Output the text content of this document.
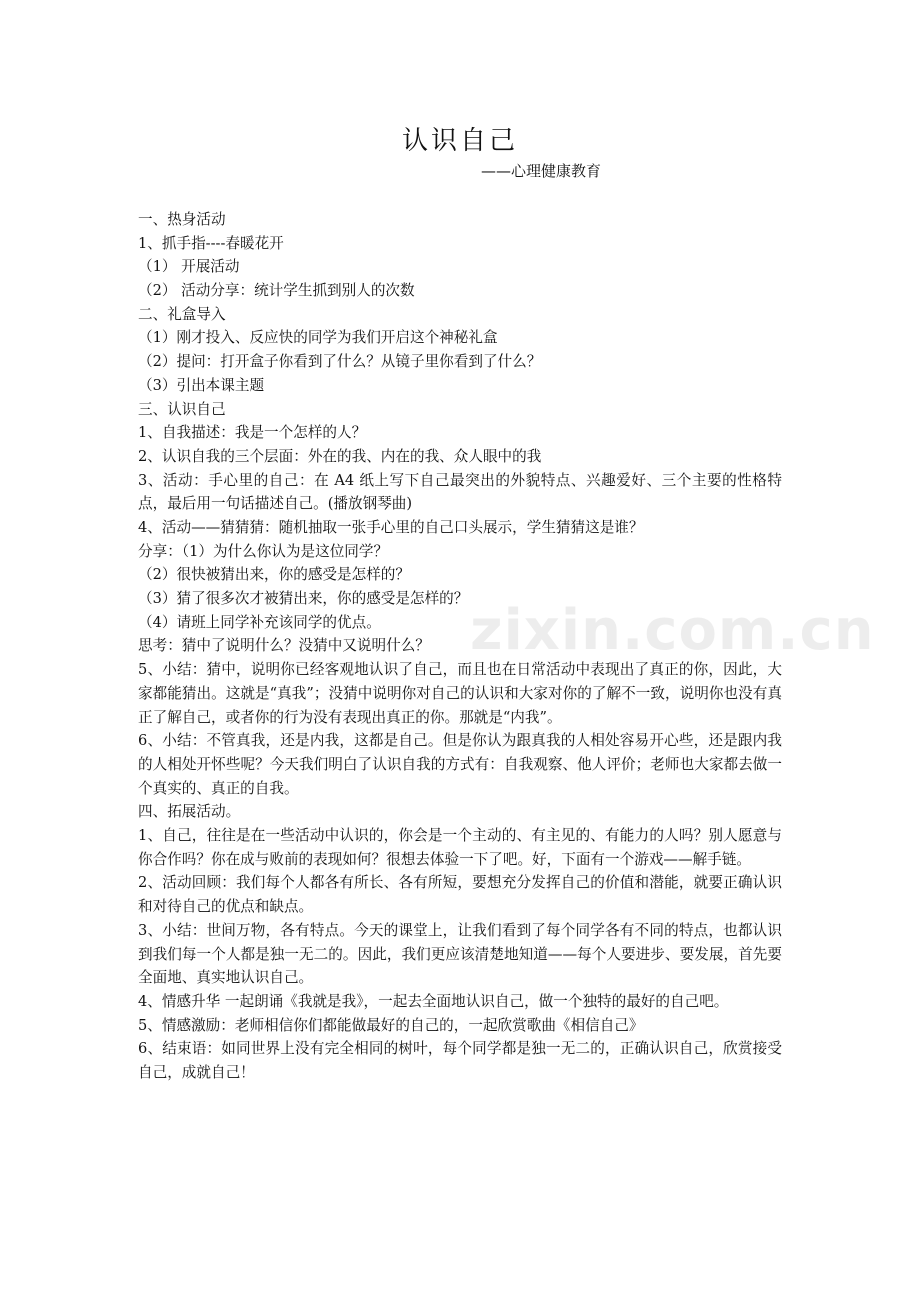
认识自己
——心理健康教育
zixin.com.cn
一、热身活动
1、抓手指----春暖花开
（1） 开展活动
（2） 活动分享：统计学生抓到别人的次数
二、礼盒导入
（1）刚才投入、反应快的同学为我们开启这个神秘礼盒
（2）提问：打开盒子你看到了什么？从镜子里你看到了什么？
（3）引出本课主题
三、认识自己
1、自我描述：我是一个怎样的人？
2、认识自我的三个层面：外在的我、内在的我、众人眼中的我
3、活动：手心里的自己：在 A4 纸上写下自己最突出的外貌特点、兴趣爱好、三个主要的性格特点，最后用一句话描述自己。(播放钢琴曲)
4、活动——猜猜猜：随机抽取一张手心里的自己口头展示，学生猜猜这是谁？
分享：（1）为什么你认为是这位同学？
（2）很快被猜出来，你的感受是怎样的？
（3）猜了很多次才被猜出来，你的感受是怎样的？
（4）请班上同学补充该同学的优点。
思考：猜中了说明什么？没猜中又说明什么？
5、小结：猜中，说明你已经客观地认识了自己，而且也在日常活动中表现出了真正的你，因此，大家都能猜出。这就是“真我”；没猜中说明你对自己的认识和大家对你的了解不一致，说明你也没有真正了解自己，或者你的行为没有表现出真正的你。那就是“内我”。
6、小结：不管真我，还是内我，这都是自己。但是你认为跟真我的人相处容易开心些，还是跟内我的人相处开怀些呢？今天我们明白了认识自我的方式有：自我观察、他人评价；老师也大家都去做一个真实的、真正的自我。
四、拓展活动。
1、自己，往往是在一些活动中认识的，你会是一个主动的、有主见的、有能力的人吗？别人愿意与你合作吗？你在成与败前的表现如何？很想去体验一下了吧。好，下面有一个游戏——解手链。
2、活动回顾：我们每个人都各有所长、各有所短，要想充分发挥自己的价值和潜能，就要正确认识和对待自己的优点和缺点。
3、小结：世间万物，各有特点。今天的课堂上，让我们看到了每个同学各有不同的特点，也都认识到我们每一个人都是独一无二的。因此，我们更应该清楚地知道——每个人要进步、要发展，首先要全面地、真实地认识自己。
4、情感升华 一起朗诵《我就是我》，一起去全面地认识自己，做一个独特的最好的自己吧。
5、情感激励：老师相信你们都能做最好的自己的，一起欣赏歌曲《相信自己》
6、结束语：如同世界上没有完全相同的树叶，每个同学都是独一无二的，正确认识自己，欣赏接受自己，成就自己！
